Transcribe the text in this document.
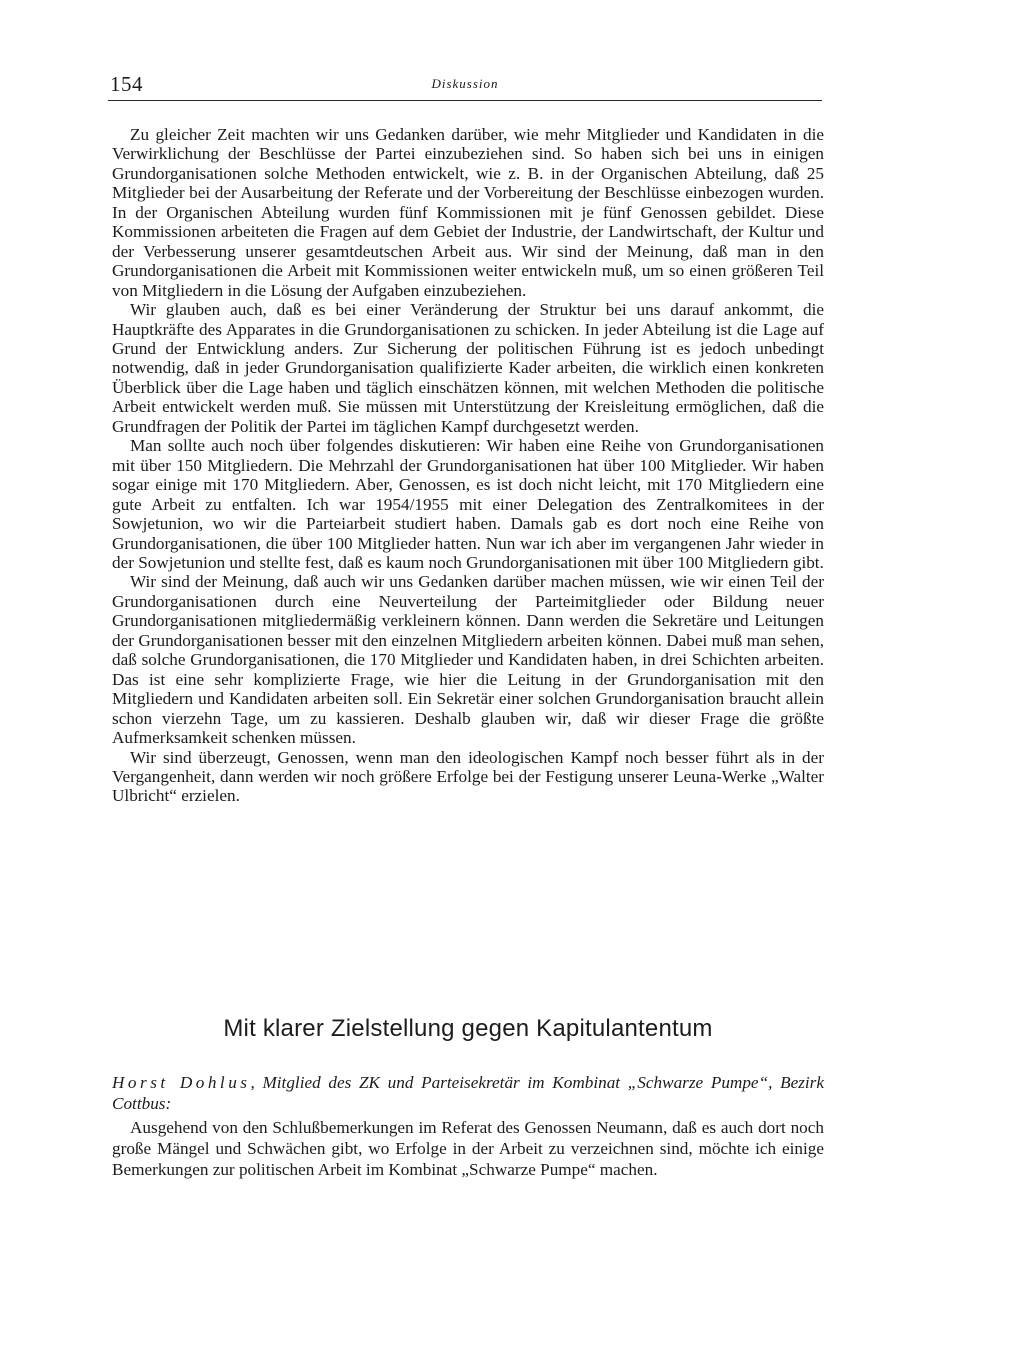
154	Diskussion

Zu gleicher Zeit machten wir uns Gedanken darüber, wie mehr Mitglieder und Kandidaten in die Verwirklichung der Beschlüsse der Partei einzubeziehen sind. So haben sich bei uns in einigen Grundorganisationen solche Methoden entwickelt, wie z. B. in der Organischen Abteilung, daß 25 Mitglieder bei der Ausarbeitung der Referate und der Vorbereitung der Beschlüsse einbezogen wurden. In der Organischen Abteilung wurden fünf Kommissionen mit je fünf Genossen gebildet. Diese Kommissionen arbeiteten die Fragen auf dem Gebiet der Industrie, der Landwirtschaft, der Kultur und der Verbesserung unserer gesamtdeutschen Arbeit aus. Wir sind der Meinung, daß man in den Grundorganisationen die Arbeit mit Kommissionen weiter entwickeln muß, um so einen größeren Teil von Mitgliedern in die Lösung der Aufgaben einzubeziehen.

Wir glauben auch, daß es bei einer Veränderung der Struktur bei uns darauf ankommt, die Hauptkräfte des Apparates in die Grundorganisationen zu schicken. In jeder Abteilung ist die Lage auf Grund der Entwicklung anders. Zur Sicherung der politischen Führung ist es jedoch unbedingt notwendig, daß in jeder Grundorganisation qualifizierte Kader arbeiten, die wirklich einen konkreten Überblick über die Lage haben und täglich einschätzen können, mit welchen Methoden die politische Arbeit entwickelt werden muß. Sie müssen mit Unterstützung der Kreisleitung ermöglichen, daß die Grundfragen der Politik der Partei im täglichen Kampf durchgesetzt werden.

Man sollte auch noch über folgendes diskutieren: Wir haben eine Reihe von Grundorganisationen mit über 150 Mitgliedern. Die Mehrzahl der Grundorganisationen hat über 100 Mitglieder. Wir haben sogar einige mit 170 Mitgliedern. Aber, Genossen, es ist doch nicht leicht, mit 170 Mitgliedern eine gute Arbeit zu entfalten. Ich war 1954/1955 mit einer Delegation des Zentralkomitees in der Sowjetunion, wo wir die Parteiarbeit studiert haben. Damals gab es dort noch eine Reihe von Grundorganisationen, die über 100 Mitglieder hatten. Nun war ich aber im vergangenen Jahr wieder in der Sowjetunion und stellte fest, daß es kaum noch Grundorganisationen mit über 100 Mitgliedern gibt.

Wir sind der Meinung, daß auch wir uns Gedanken darüber machen müssen, wie wir einen Teil der Grundorganisationen durch eine Neuverteilung der Parteimitglieder oder Bildung neuer Grundorganisationen mitgliedermäßig verkleinern können. Dann werden die Sekretäre und Leitungen der Grundorganisationen besser mit den einzelnen Mitgliedern arbeiten können. Dabei muß man sehen, daß solche Grundorganisationen, die 170 Mitglieder und Kandidaten haben, in drei Schichten arbeiten. Das ist eine sehr komplizierte Frage, wie hier die Leitung in der Grundorganisation mit den Mitgliedern und Kandidaten arbeiten soll. Ein Sekretär einer solchen Grundorganisation braucht allein schon vierzehn Tage, um zu kassieren. Deshalb glauben wir, daß wir dieser Frage die größte Aufmerksamkeit schenken müssen.

Wir sind überzeugt, Genossen, wenn man den ideologischen Kampf noch besser führt als in der Vergangenheit, dann werden wir noch größere Erfolge bei der Festigung unserer Leuna-Werke „Walter Ulbricht“ erzielen.

Mit klarer Zielstellung gegen Kapitulantentum

Horst Dohlus, Mitglied des ZK und Parteisekretär im Kombinat „Schwarze Pumpe“, Bezirk Cottbus:

Ausgehend von den Schlußbemerkungen im Referat des Genossen Neumann, daß es auch dort noch große Mängel und Schwächen gibt, wo Erfolge in der Arbeit zu verzeichnen sind, möchte ich einige Bemerkungen zur politischen Arbeit im Kombinat „Schwarze Pumpe“ machen.
